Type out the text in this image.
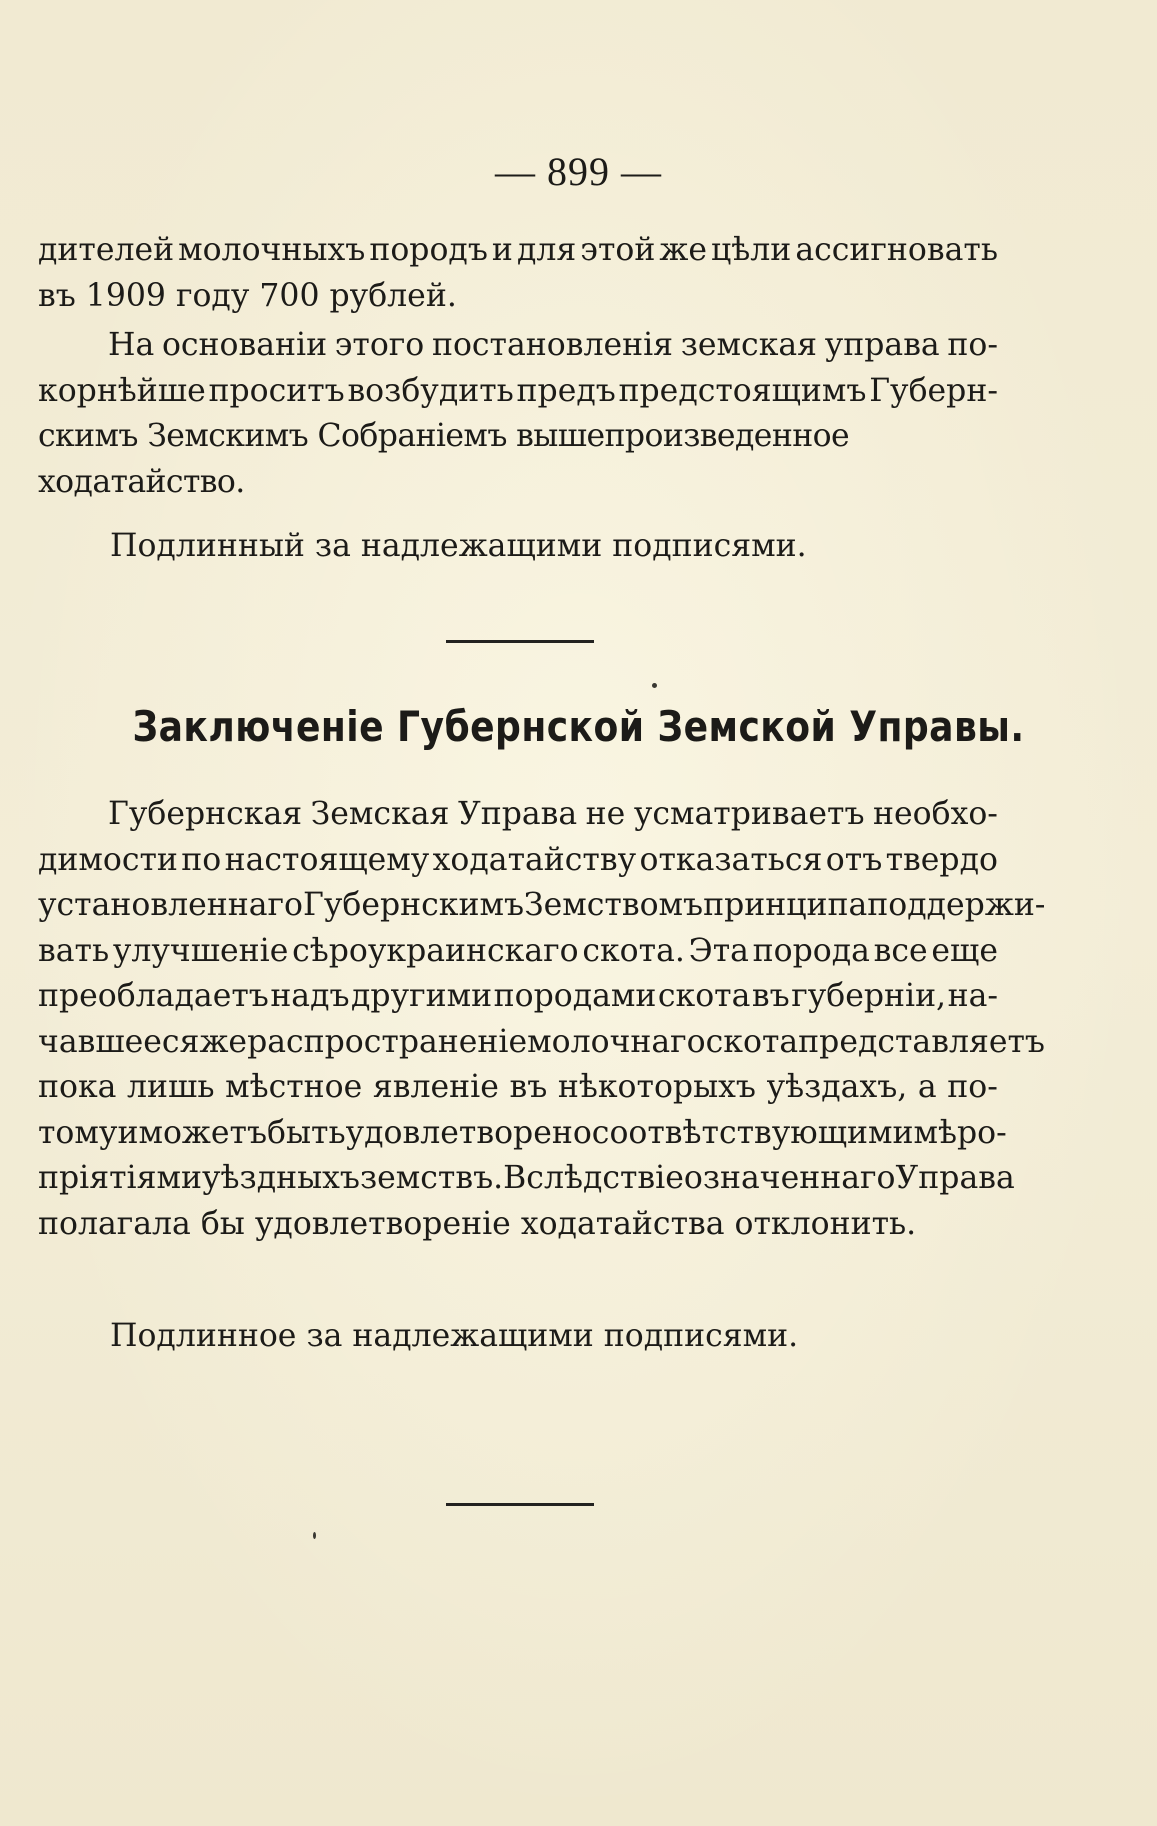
— 899 —
дителей молочныхъ породъ и для этой же цѣли ассигновать
въ 1909 году 700 рублей.
На основанiи этого постановленія земская управа по-
корнѣйше проситъ возбудить предъ предстоящимъ Губерн-
скимъ Земскимъ Собраніемъ вышепроизведенное ходатайство.

Подлинный за надлежащими подписями.

Заключеніе Губернской Земской Управы.
Губернская Земская Управа не усматриваетъ необхо-
димости по настоящему ходатайству отказаться отъ твердо
установленнаго Губернскимъ Земствомъ принципа поддержи-
вать улучшеніе сѣроукраинскаго скота. Эта порода все еще
преобладаетъ надъ другими породами скота въ губерніи, на-
чавшееся же распространеніе молочнаго скота представляетъ
пока лишь мѣстное явленіе въ нѣкоторыхъ уѣздахъ, а по-
тому и можетъ быть удовлетворено соотвѣтствующими мѣро-
пріятіями уѣздныхъ земствъ. Вслѣдствіе означеннаго Управа
полагала бы удовлетвореніе ходатайства отклонить.

Подлинное за надлежащими подписями.
